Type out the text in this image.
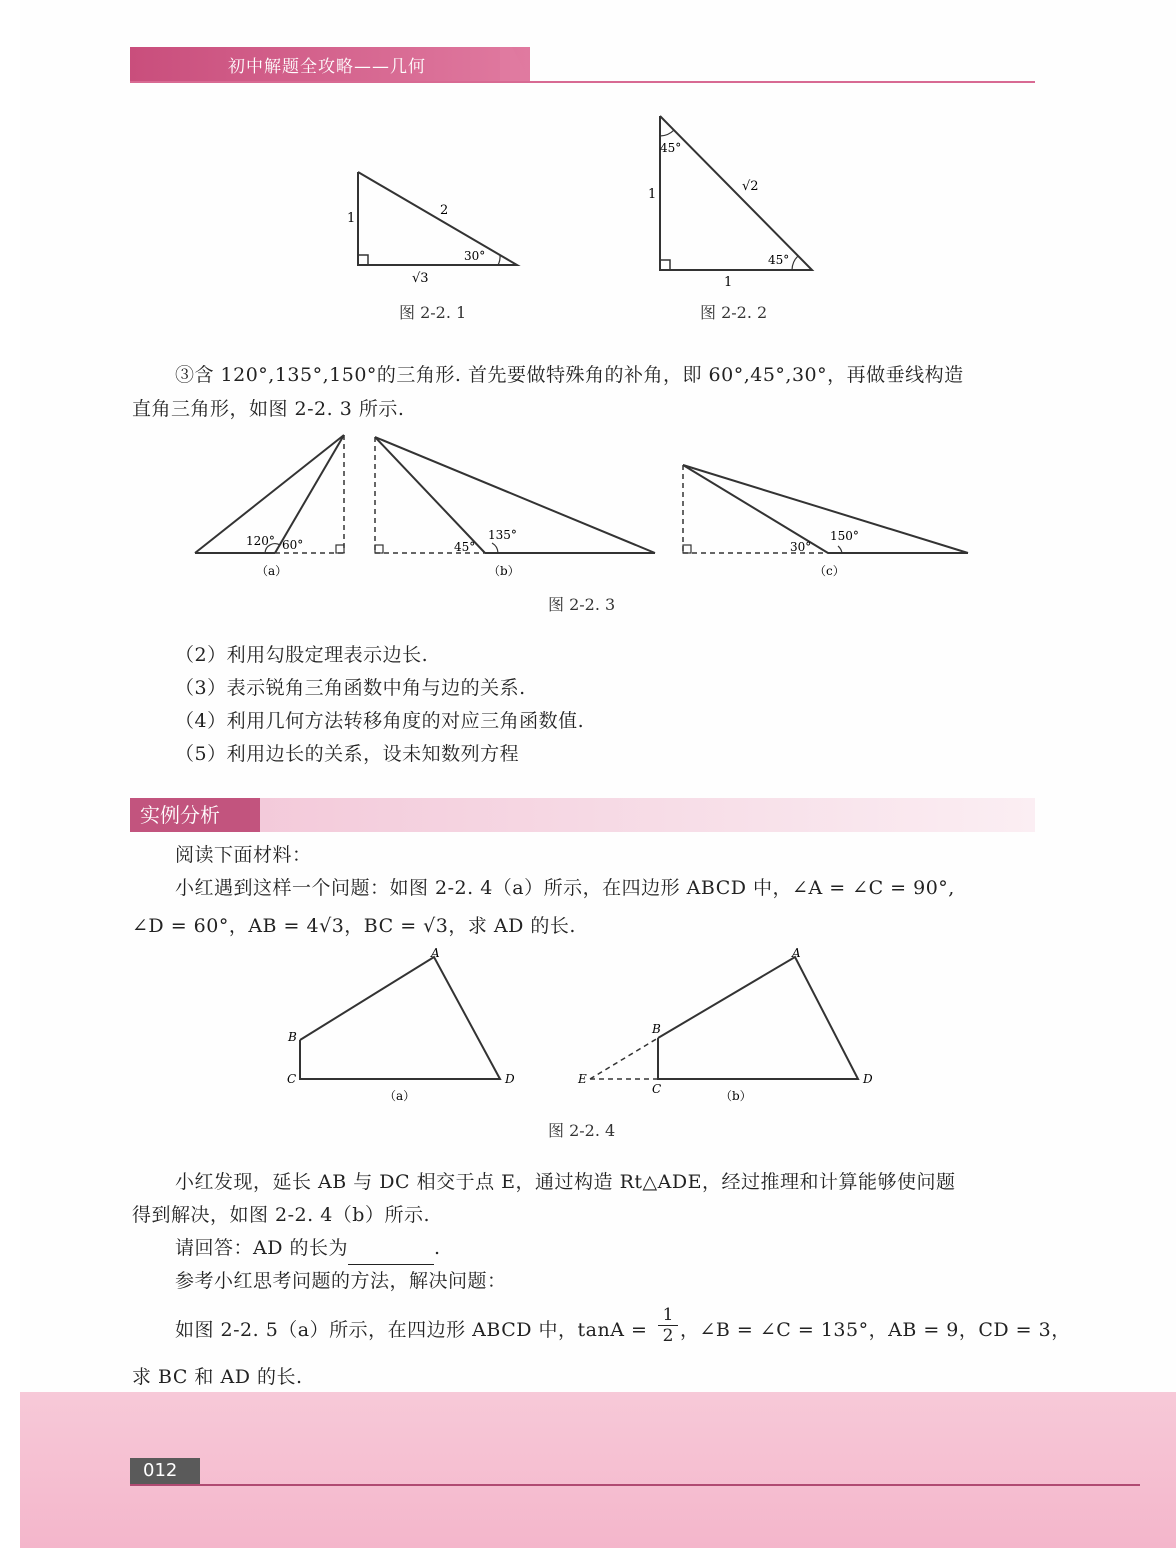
初中解题全攻略——几何
1
2
√3
30°
图 2-2. 1
45°
1
√2
45°
1
图 2-2. 2
③含 120°,135°,150°的三角形. 首先要做特殊角的补角，即 60°,45°,30°，再做垂线构造
直角三角形，如图 2-2. 3 所示.
120° 60°
（a）
135°
45°
（b）
150°
30°
（c）
图 2-2. 3
（2）利用勾股定理表示边长.
（3）表示锐角三角函数中角与边的关系.
（4）利用几何方法转移角度的对应三角函数值.
（5）利用边长的关系，设未知数列方程
实例分析
阅读下面材料：
小红遇到这样一个问题：如图 2-2. 4（a）所示，在四边形 ABCD 中，∠A = ∠C = 90°,
∠D = 60°，AB = 4√3，BC = √3，求 AD 的长.
A
B
C	D
（a）
A
B
C
D
E
（b）
图 2-2. 4
小红发现，延长 AB 与 DC 相交于点 E，通过构造 Rt△ADE，经过推理和计算能够使问题
得到解决，如图 2-2. 4（b）所示.
请回答：AD 的长为	.
参考小红思考问题的方法，解决问题：
如图 2-2. 5（a）所示，在四边形 ABCD 中，tanA =
1
2 ，∠B = ∠C = 135°，AB = 9，CD = 3，
求 BC 和 AD 的长.
012
